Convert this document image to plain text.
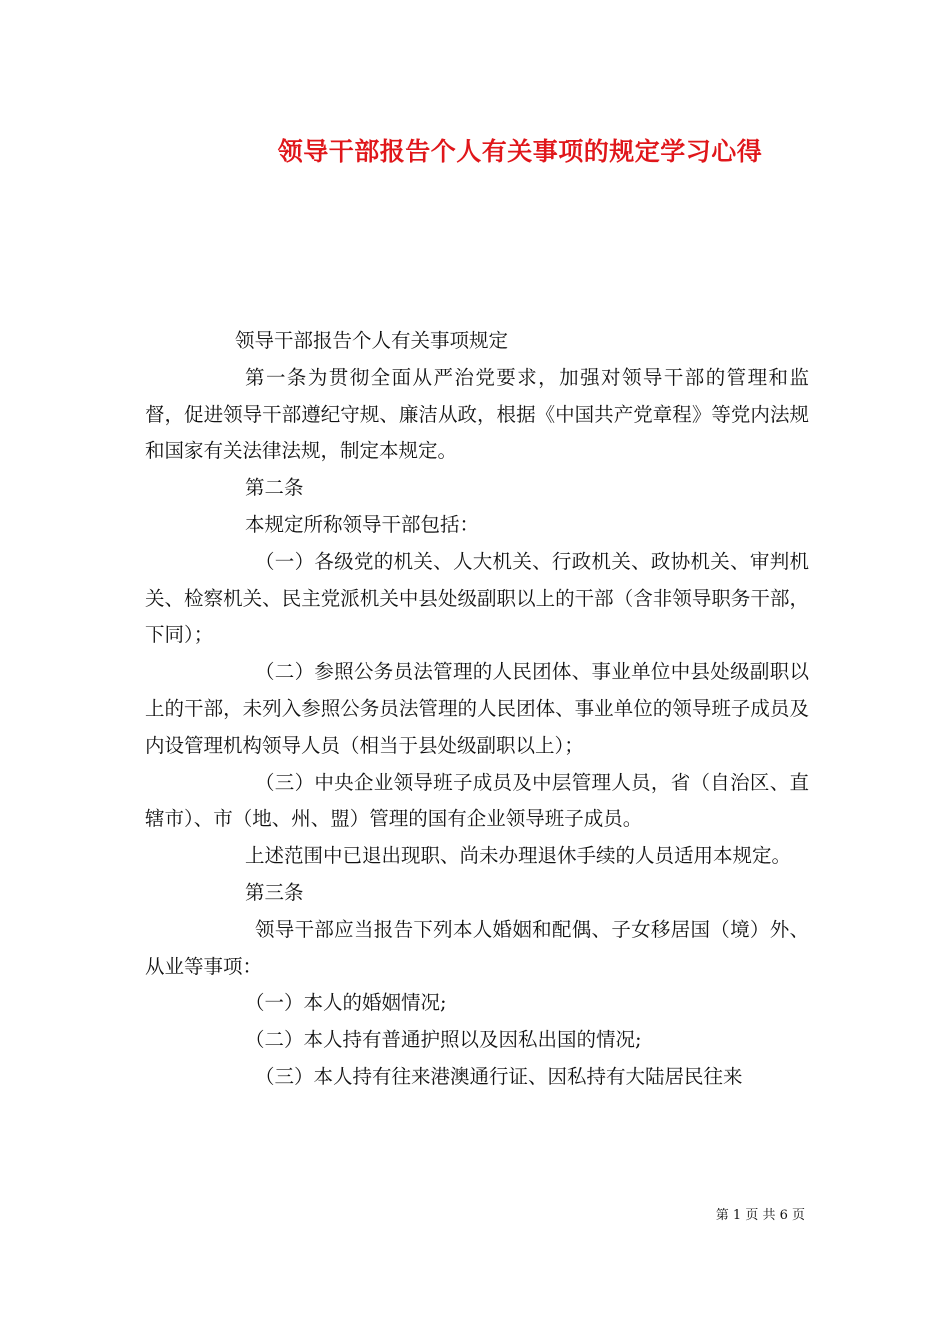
领导干部报告个人有关事项的规定学习心得

领导干部报告个人有关事项规定

第一条为贯彻全面从严治党要求，加强对领导干部的管理和监督，促进领导干部遵纪守规、廉洁从政，根据《中国共产党章程》等党内法规和国家有关法律法规，制定本规定。

第二条

本规定所称领导干部包括：

（一）各级党的机关、人大机关、行政机关、政协机关、审判机关、检察机关、民主党派机关中县处级副职以上的干部（含非领导职务干部，下同）；

（二）参照公务员法管理的人民团体、事业单位中县处级副职以上的干部，未列入参照公务员法管理的人民团体、事业单位的领导班子成员及内设管理机构领导人员（相当于县处级副职以上）；

（三）中央企业领导班子成员及中层管理人员，省（自治区、直辖市）、市（地、州、盟）管理的国有企业领导班子成员。

上述范围中已退出现职、尚未办理退休手续的人员适用本规定。

第三条

领导干部应当报告下列本人婚姻和配偶、子女移居国（境）外、从业等事项：

（一）本人的婚姻情况;

（二）本人持有普通护照以及因私出国的情况;

（三）本人持有往来港澳通行证、因私持有大陆居民往来

第 1 页 共 6 页
